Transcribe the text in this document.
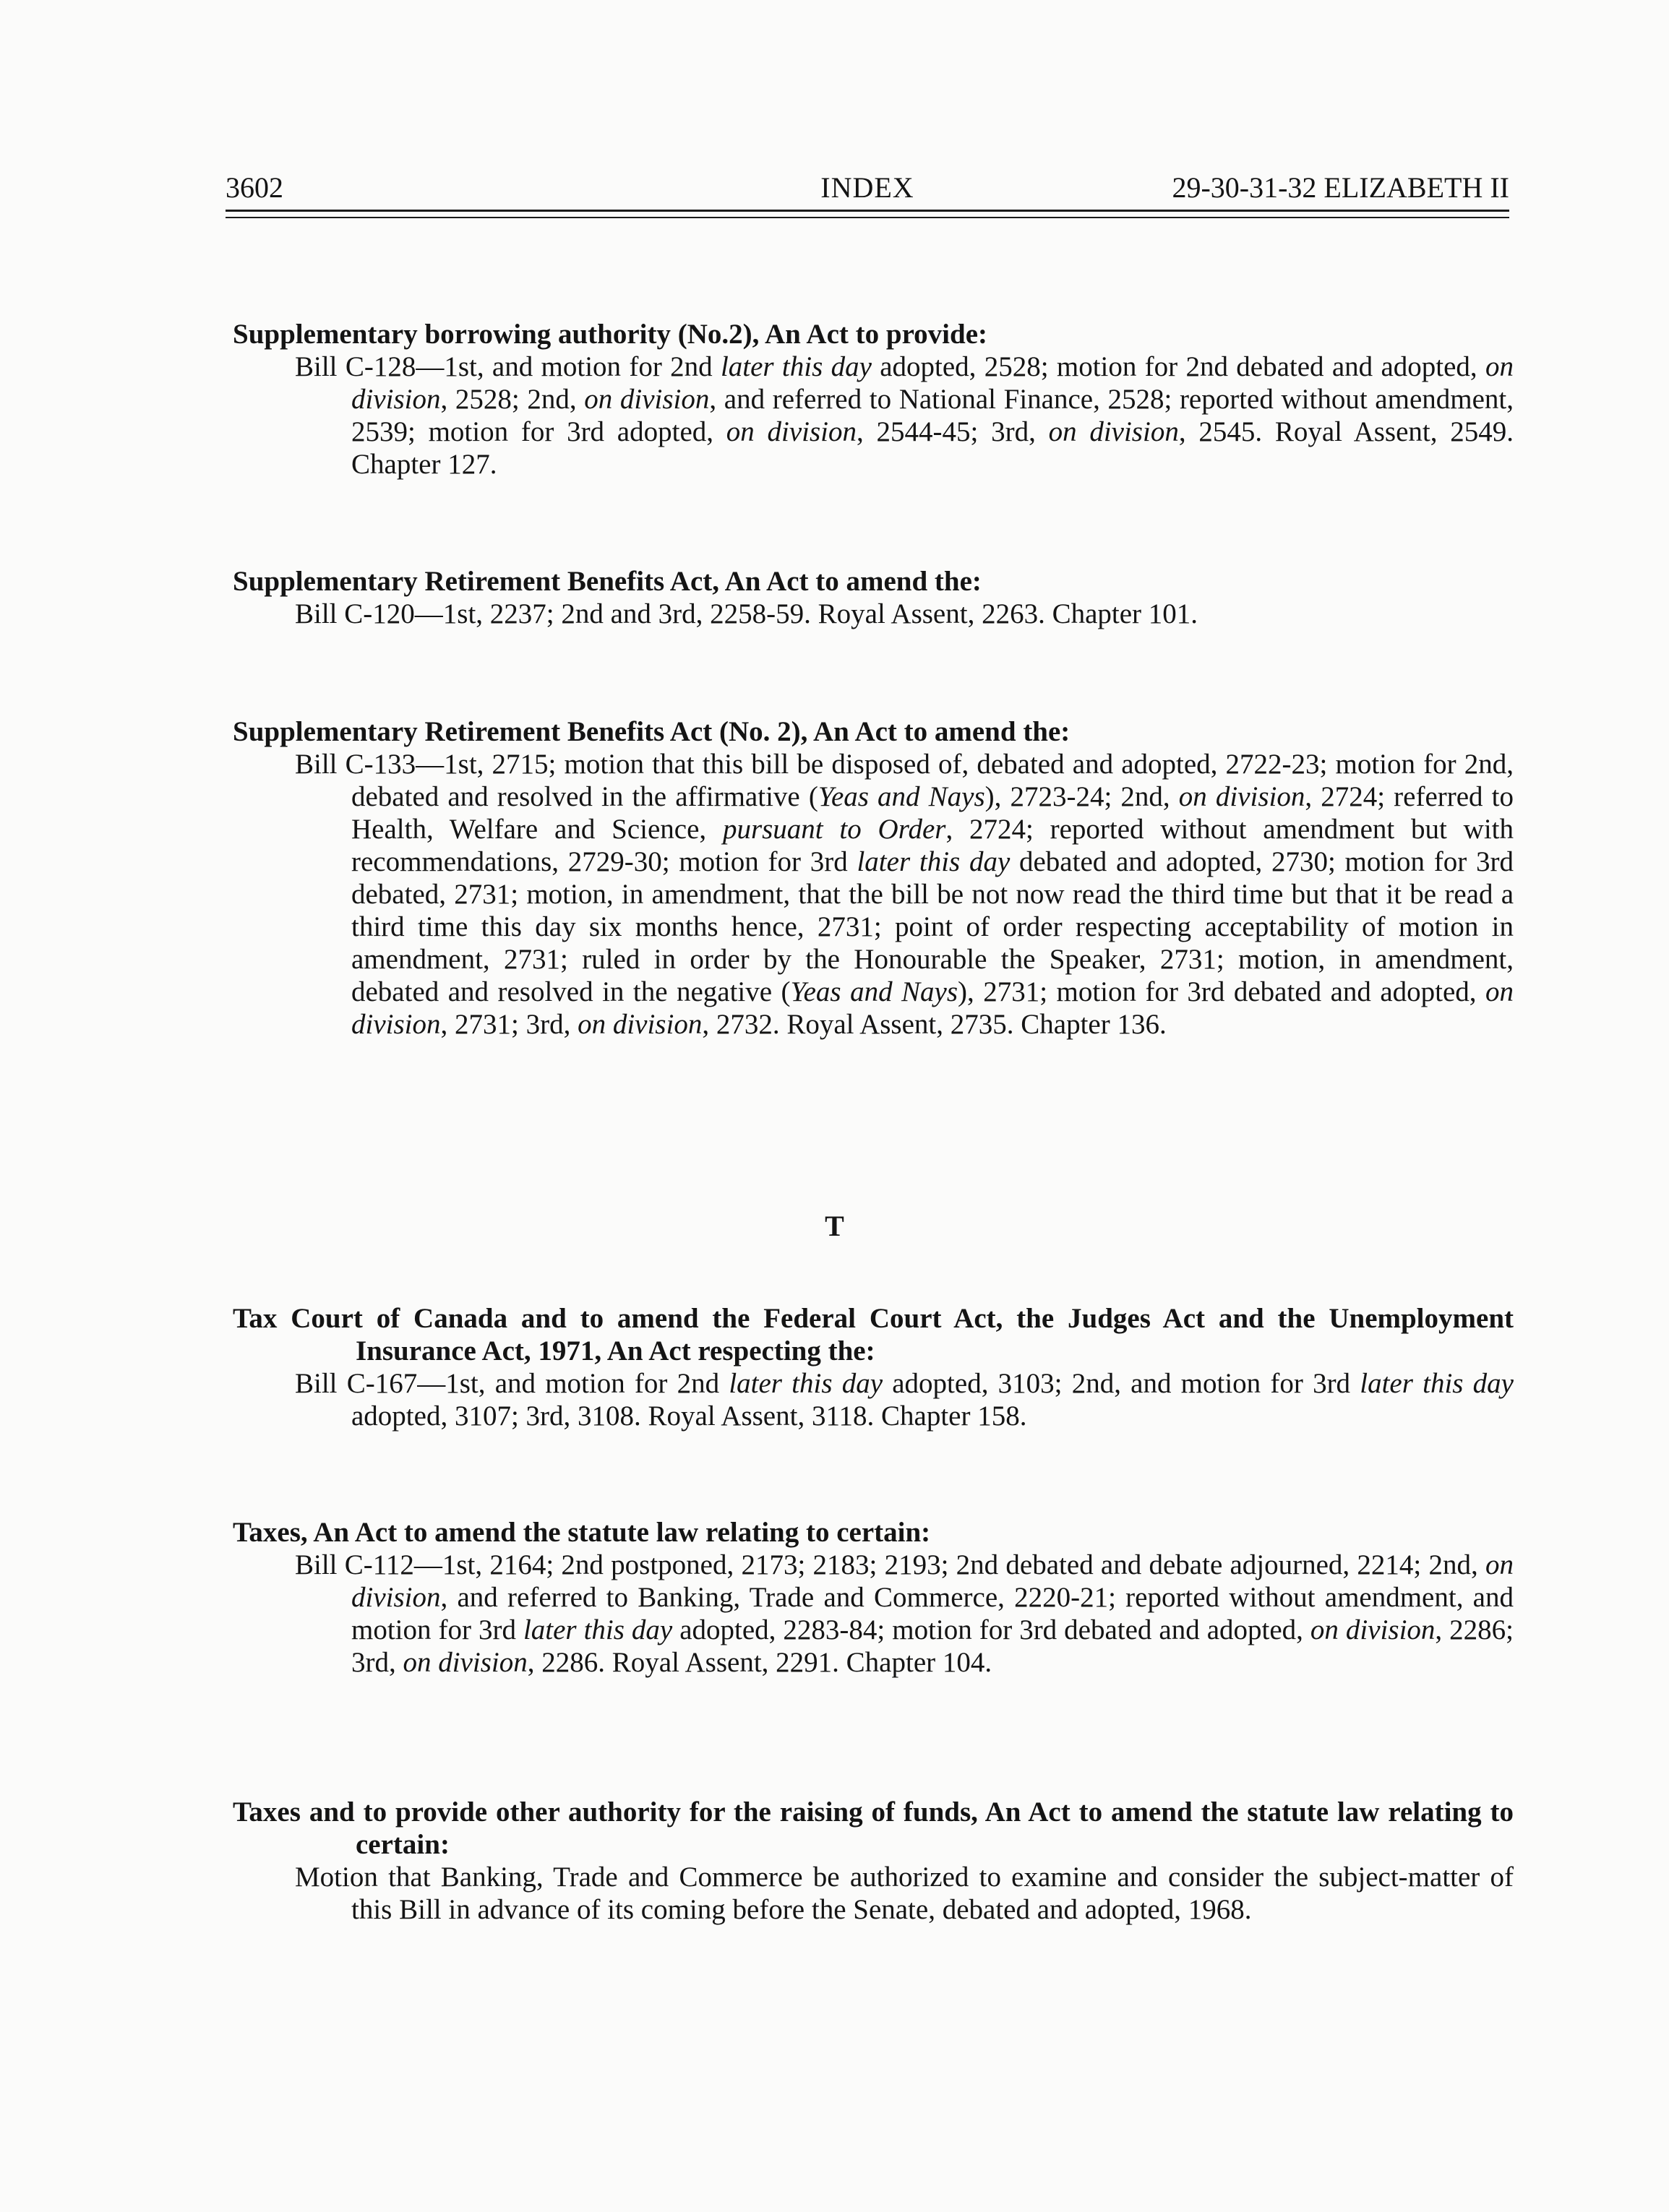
INDEX
3602	29-30-31-32 ELIZABETH II
Supplementary borrowing authority (No.2), An Act to provide:
Bill C-128—1st, and motion for 2nd later this day adopted, 2528; motion for 2nd debated and adopted, on division, 2528; 2nd, on division, and referred to National Finance, 2528; reported without amendment, 2539; motion for 3rd adopted, on division, 2544-45; 3rd, on division, 2545. Royal Assent, 2549. Chapter 127.
Supplementary Retirement Benefits Act, An Act to amend the:
Bill C-120—1st, 2237; 2nd and 3rd, 2258-59. Royal Assent, 2263. Chapter 101.
Supplementary Retirement Benefits Act (No. 2), An Act to amend the:
Bill C-133—1st, 2715; motion that this bill be disposed of, debated and adopted, 2722-23; motion for 2nd, debated and resolved in the affirmative (Yeas and Nays), 2723-24; 2nd, on division, 2724; referred to Health, Welfare and Science, pursuant to Order, 2724; reported without amendment but with recommendations, 2729-30; motion for 3rd later this day debated and adopted, 2730; motion for 3rd debated, 2731; motion, in amendment, that the bill be not now read the third time but that it be read a third time this day six months hence, 2731; point of order respecting acceptability of motion in amendment, 2731; ruled in order by the Honourable the Speaker, 2731; motion, in amendment, debated and resolved in the negative (Yeas and Nays), 2731; motion for 3rd debated and adopted, on division, 2731; 3rd, on division, 2732. Royal Assent, 2735. Chapter 136.
T
Tax Court of Canada and to amend the Federal Court Act, the Judges Act and the Unemployment Insurance Act, 1971, An Act respecting the:
Bill C-167—1st, and motion for 2nd later this day adopted, 3103; 2nd, and motion for 3rd later this day adopted, 3107; 3rd, 3108. Royal Assent, 3118. Chapter 158.
Taxes, An Act to amend the statute law relating to certain:
Bill C-112—1st, 2164; 2nd postponed, 2173; 2183; 2193; 2nd debated and debate adjourned, 2214; 2nd, on division, and referred to Banking, Trade and Commerce, 2220-21; reported without amendment, and motion for 3rd later this day adopted, 2283-84; motion for 3rd debated and adopted, on division, 2286; 3rd, on division, 2286. Royal Assent, 2291. Chapter 104.
Taxes and to provide other authority for the raising of funds, An Act to amend the statute law relating to certain:
Motion that Banking, Trade and Commerce be authorized to examine and consider the subject-matter of this Bill in advance of its coming before the Senate, debated and adopted, 1968.
